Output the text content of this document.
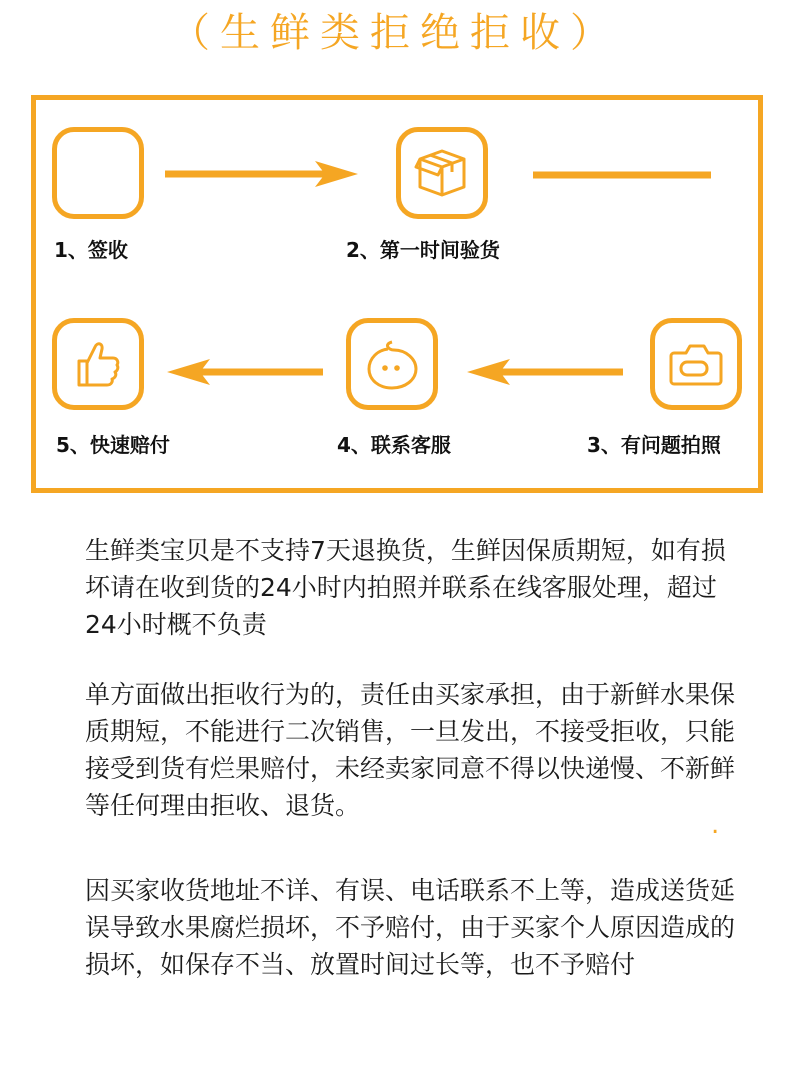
（生鲜类拒绝拒收）
1、签收	2、第一时间验货
3、有问题拍照
4、联系客服
5、快速赔付

生鲜类宝贝是不支持7天退换货，生鲜因保质期短，如有损坏请在收到货的24小时内拍照并联系在线客服处理，超过24小时概不负责

单方面做出拒收行为的，责任由买家承担，由于新鲜水果保质期短，不能进行二次销售，一旦发出，不接受拒收，只能接受到货有烂果赔付，未经卖家同意不得以快递慢、不新鲜等任何理由拒收、退货。

.

因买家收货地址不详、有误、电话联系不上等，造成送货延误导致水果腐烂损坏，不予赔付，由于买家个人原因造成的损坏，如保存不当、放置时间过长等，也不予赔付
